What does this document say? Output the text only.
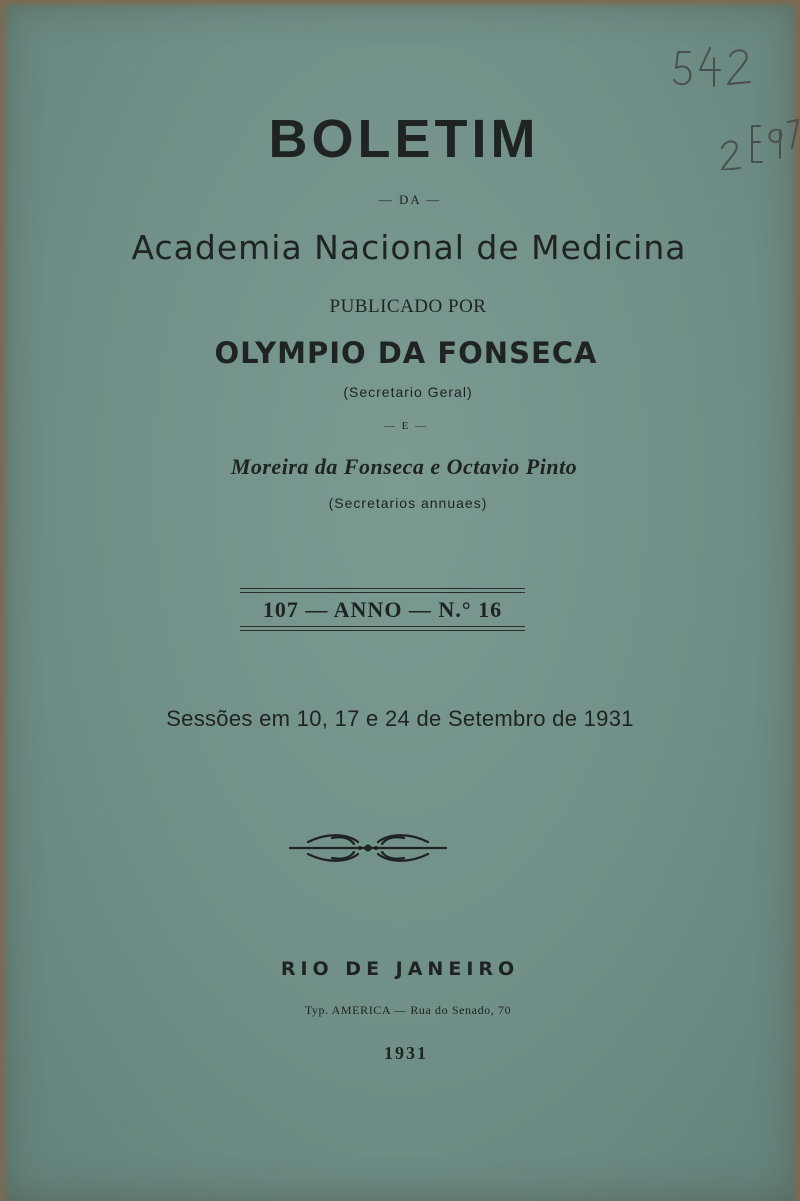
BOLETIM
— DA —
Academia Nacional de Medicina
PUBLICADO POR
OLYMPIO DA FONSECA
(Secretario Geral)
— E —
Moreira da Fonseca e Octavio Pinto
(Secretarios annuaes)
107 — ANNO — N.° 16
Sessões em 10, 17 e 24 de Setembro de 1931
RIO DE JANEIRO
Typ. AMERICA — Rua do Senado, 70
1931
